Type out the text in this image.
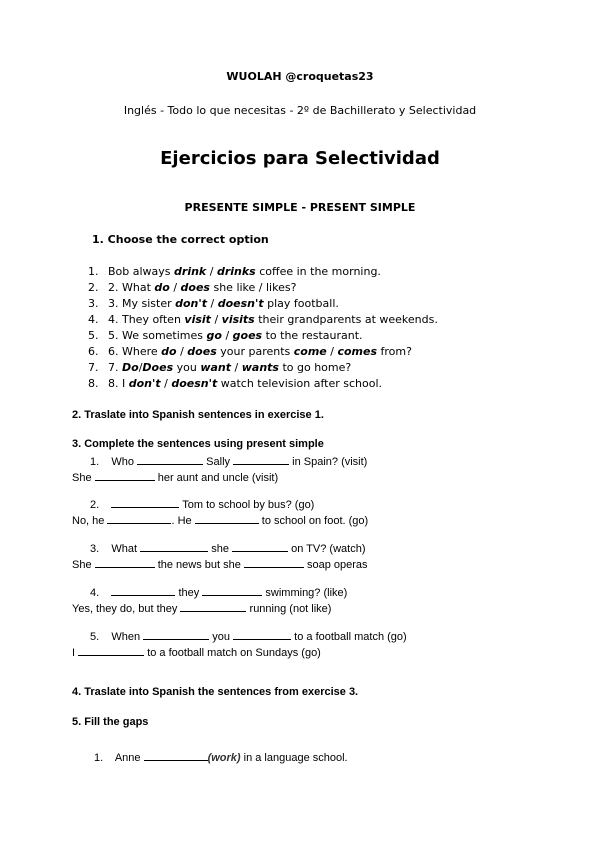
WUOLAH @croquetas23
Inglés - Todo lo que necesitas - 2º de Bachillerato y Selectividad
Ejercicios para Selectividad
PRESENTE SIMPLE - PRESENT SIMPLE
1. Choose the correct option
1. Bob always drink / drinks coffee in the morning.
2. 2. What do / does she like / likes?
3. 3. My sister don't / doesn't play football.
4. 4. They often visit / visits their grandparents at weekends.
5. 5. We sometimes go / goes to the restaurant.
6. 6. Where do / does your parents come / comes from?
7. 7. Do/Does you want / wants to go home?
8. 8. I don't / doesn't watch television after school.
2. Traslate into Spanish sentences in exercise 1.
3. Complete the sentences using present simple
1. Who	Sally	in Spain? (visit)
She	her aunt and uncle (visit)
2.	Tom to school by bus? (go)
No, he	. He	to school on foot. (go)
3. What	she	on TV? (watch)
She	the news but she	soap operas
4.	they	swimming? (like)
Yes, they do, but they	running (not like)
5. When	you	to a football match (go)
I	to a football match on Sundays (go)
4. Traslate into Spanish the sentences from exercise 3.
5. Fill the gaps
1. Anne	(work) in a language school.
